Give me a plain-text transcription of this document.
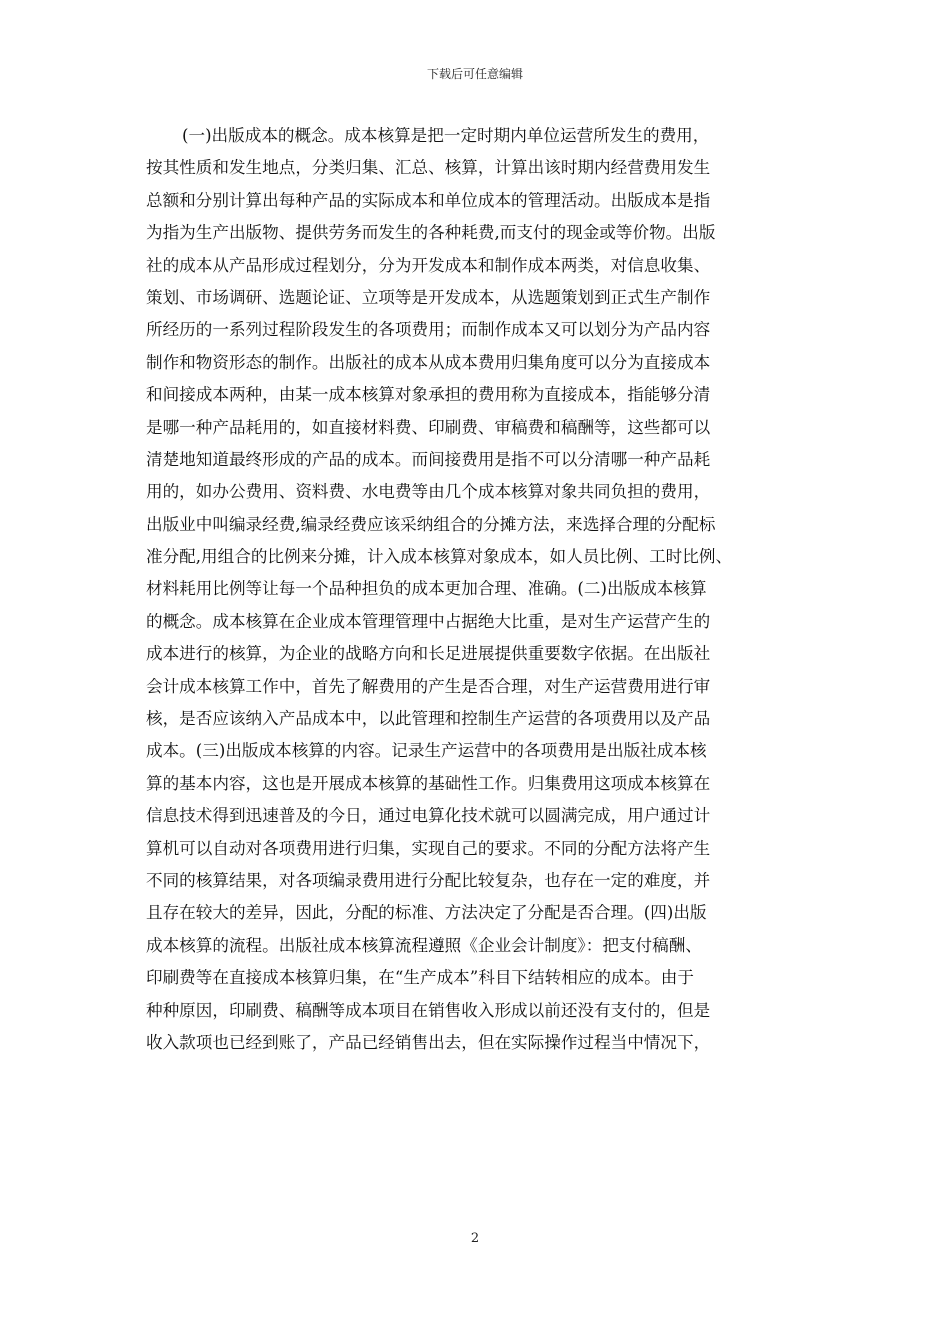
下载后可任意编辑
(一)出版成本的概念。成本核算是把一定时期内单位运营所发生的费用，
按其性质和发生地点，分类归集、汇总、核算，计算出该时期内经营费用发生
总额和分别计算出每种产品的实际成本和单位成本的管理活动。出版成本是指
为指为生产出版物、提供劳务而发生的各种耗费,而支付的现金或等价物。出版
社的成本从产品形成过程划分，分为开发成本和制作成本两类，对信息收集、
策划、市场调研、选题论证、立项等是开发成本，从选题策划到正式生产制作
所经历的一系列过程阶段发生的各项费用；而制作成本又可以划分为产品内容
制作和物资形态的制作。出版社的成本从成本费用归集角度可以分为直接成本
和间接成本两种，由某一成本核算对象承担的费用称为直接成本，指能够分清
是哪一种产品耗用的，如直接材料费、印刷费、审稿费和稿酬等，这些都可以
清楚地知道最终形成的产品的成本。而间接费用是指不可以分清哪一种产品耗
用的，如办公费用、资料费、水电费等由几个成本核算对象共同负担的费用，
出版业中叫编录经费,编录经费应该采纳组合的分摊方法，来选择合理的分配标
准分配,用组合的比例来分摊，计入成本核算对象成本，如人员比例、工时比例、
材料耗用比例等让每一个品种担负的成本更加合理、准确。(二)出版成本核算
的概念。成本核算在企业成本管理管理中占据绝大比重，是对生产运营产生的
成本进行的核算，为企业的战略方向和长足进展提供重要数字依据。在出版社
会计成本核算工作中，首先了解费用的产生是否合理，对生产运营费用进行审
核，是否应该纳入产品成本中，以此管理和控制生产运营的各项费用以及产品
成本。(三)出版成本核算的内容。记录生产运营中的各项费用是出版社成本核
算的基本内容，这也是开展成本核算的基础性工作。归集费用这项成本核算在
信息技术得到迅速普及的今日，通过电算化技术就可以圆满完成，用户通过计
算机可以自动对各项费用进行归集，实现自己的要求。不同的分配方法将产生
不同的核算结果，对各项编录费用进行分配比较复杂，也存在一定的难度，并
且存在较大的差异，因此，分配的标准、方法决定了分配是否合理。(四)出版
成本核算的流程。出版社成本核算流程遵照《企业会计制度》：把支付稿酬、
印刷费等在直接成本核算归集，在“生产成本”科目下结转相应的成本。由于
种种原因，印刷费、稿酬等成本项目在销售收入形成以前还没有支付的，但是
收入款项也已经到账了，产品已经销售出去，但在实际操作过程当中情况下，
2
